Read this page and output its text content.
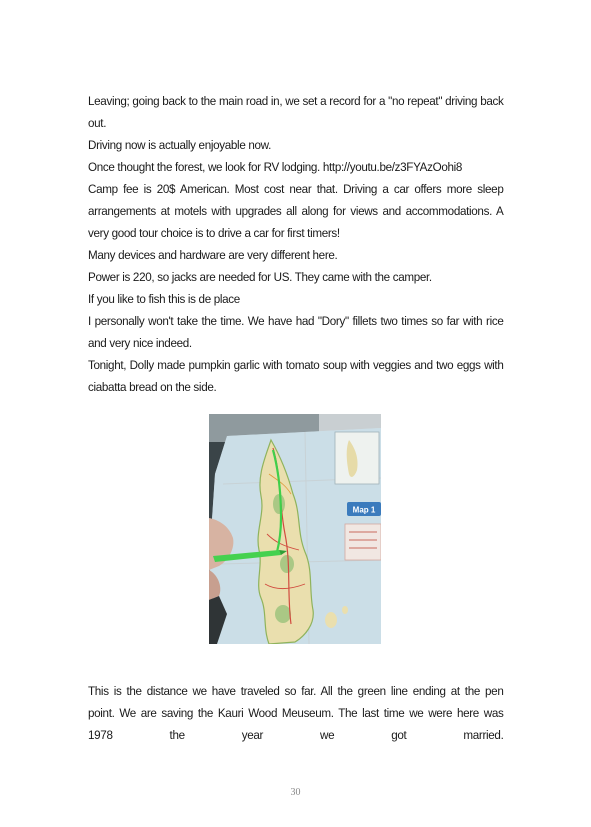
Leaving; going back to the main road in, we set a record for a "no repeat" driving back out.

Driving now is actually enjoyable now.

Once thought the forest, we look for RV lodging. http://youtu.be/z3FYAzOohi8

Camp fee is 20$ American. Most cost near that. Driving a car offers more sleep arrangements at motels with upgrades all along for views and accommodations. A very good tour choice is to drive a car for first timers!

Many devices and hardware are very different here.

Power is 220, so jacks are needed for US. They came with the camper.

If you like to fish this is de place

I personally won't take the time. We have had "Dory" fillets two times so far with rice and very nice indeed.

Tonight, Dolly made pumpkin garlic with tomato soup with veggies and two eggs with ciabatta bread on the side.

Map 1
This is the distance we have traveled so far. All the green line ending at the pen
point. We are saving the Kauri Wood Meuseum. The last time we were here was
1978 the year we got married.
30
